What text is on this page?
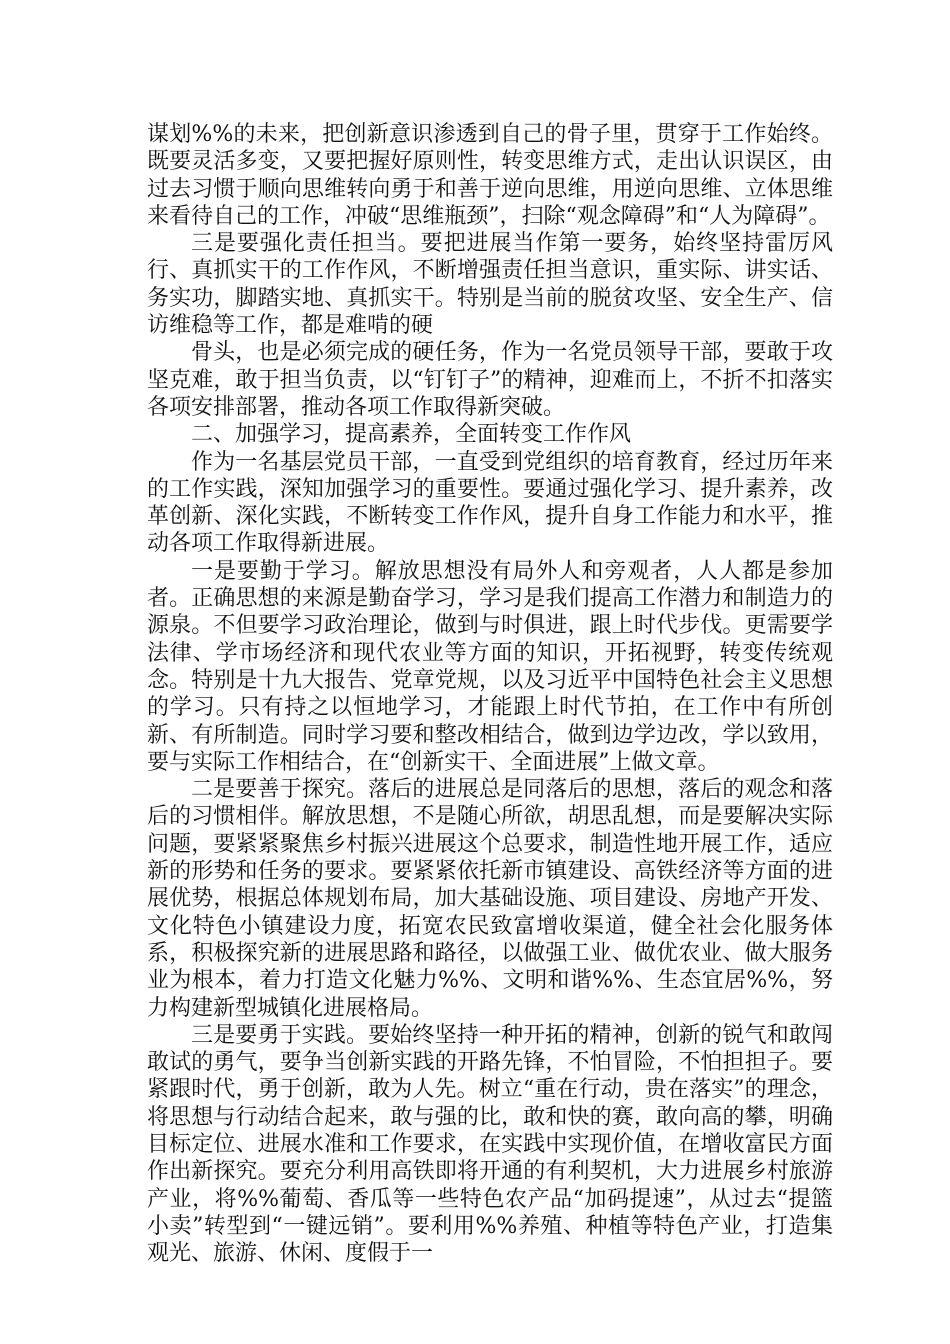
谋划%%的未来，把创新意识渗透到自己的骨子里，贯穿于工作始终。既要灵活多变，又要把握好原则性，转变思维方式，走出认识误区，由过去习惯于顺向思维转向勇于和善于逆向思维，用逆向思维、立体思维来看待自己的工作，冲破“思维瓶颈”，扫除“观念障碍”和“人为障碍”。

三是要强化责任担当。要把进展当作第一要务，始终坚持雷厉风行、真抓实干的工作作风，不断增强责任担当意识，重实际、讲实话、务实功，脚踏实地、真抓实干。特别是当前的脱贫攻坚、安全生产、信访维稳等工作，都是难啃的硬

骨头，也是必须完成的硬任务，作为一名党员领导干部，要敢于攻坚克难，敢于担当负责，以“钉钉子”的精神，迎难而上，不折不扣落实各项安排部署，推动各项工作取得新突破。

二、加强学习，提高素养，全面转变工作作风

作为一名基层党员干部，一直受到党组织的培育教育，经过历年来的工作实践，深知加强学习的重要性。要通过强化学习、提升素养，改革创新、深化实践，不断转变工作作风，提升自身工作能力和水平，推动各项工作取得新进展。

一是要勤于学习。解放思想没有局外人和旁观者，人人都是参加者。正确思想的来源是勤奋学习，学习是我们提高工作潜力和制造力的源泉。不但要学习政治理论，做到与时俱进，跟上时代步伐。更需要学法律、学市场经济和现代农业等方面的知识，开拓视野，转变传统观念。特别是十九大报告、党章党规，以及习近平中国特色社会主义思想的学习。只有持之以恒地学习，才能跟上时代节拍，在工作中有所创新、有所制造。同时学习要和整改相结合，做到边学边改，学以致用，要与实际工作相结合，在“创新实干、全面进展”上做文章。

二是要善于探究。落后的进展总是同落后的思想，落后的观念和落后的习惯相伴。解放思想，不是随心所欲，胡思乱想，而是要解决实际问题，要紧紧聚焦乡村振兴进展这个总要求，制造性地开展工作，适应新的形势和任务的要求。要紧紧依托新市镇建设、高铁经济等方面的进展优势，根据总体规划布局，加大基础设施、项目建设、房地产开发、文化特色小镇建设力度，拓宽农民致富增收渠道，健全社会化服务体系，积极探究新的进展思路和路径，以做强工业、做优农业、做大服务业为根本，着力打造文化魅力%%、文明和谐%%、生态宜居%%，努力构建新型城镇化进展格局。

三是要勇于实践。要始终坚持一种开拓的精神，创新的锐气和敢闯敢试的勇气，要争当创新实践的开路先锋，不怕冒险，不怕担担子。要紧跟时代，勇于创新，敢为人先。树立“重在行动，贵在落实”的理念，将思想与行动结合起来，敢与强的比，敢和快的赛，敢向高的攀，明确目标定位、进展水准和工作要求，在实践中实现价值，在增收富民方面作出新探究。要充分利用高铁即将开通的有利契机，大力进展乡村旅游产业，将%%葡萄、香瓜等一些特色农产品“加码提速”，从过去“提篮小卖”转型到“一键远销”。要利用%%养殖、种植等特色产业，打造集观光、旅游、休闲、度假于一
